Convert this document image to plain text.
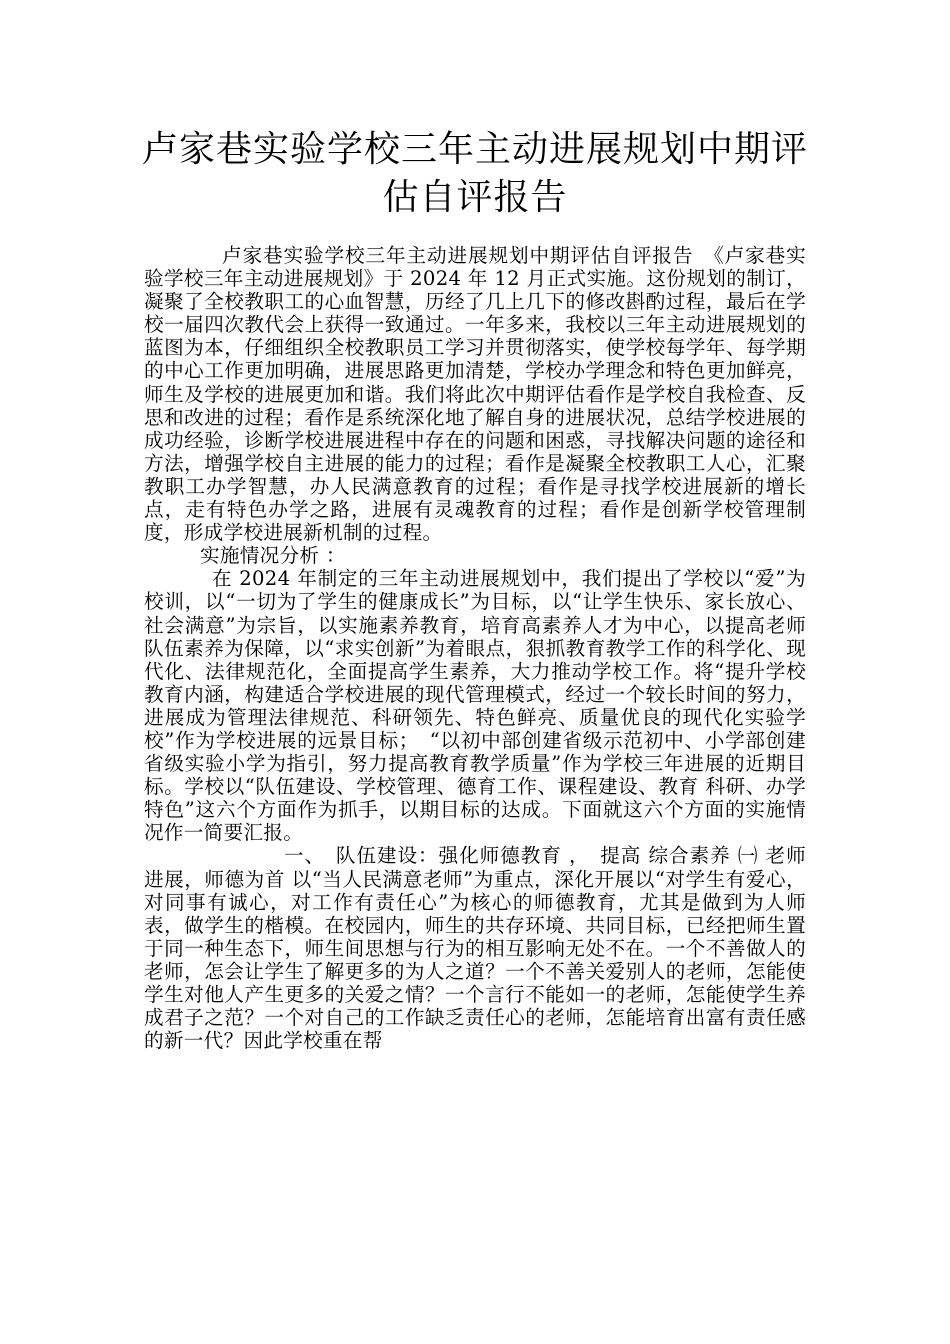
卢家巷实验学校三年主动进展规划中期评
估自评报告

卢家巷实验学校三年主动进展规划中期评估自评报告　《卢家巷实验学校三年主动进展规划》于 2024 年 12 月正式实施。这份规划的制订，凝聚了全校教职工的心血智慧，历经了几上几下的修改斟酌过程，最后在学校一届四次教代会上获得一致通过。一年多来，我校以三年主动进展规划的蓝图为本，仔细组织全校教职员工学习并贯彻落实，使学校每学年、每学期的中心工作更加明确，进展思路更加清楚，学校办学理念和特色更加鲜亮，师生及学校的进展更加和谐。我们将此次中期评估看作是学校自我检查、反思和改进的过程；看作是系统深化地了解自身的进展状况，总结学校进展的成功经验，诊断学校进展进程中存在的问题和困惑，寻找解决问题的途径和方法，增强学校自主进展的能力的过程；看作是凝聚全校教职工人心，汇聚教职工办学智慧，办人民满意教育的过程；看作是寻找学校进展新的增长点，走有特色办学之路，进展有灵魂教育的过程；看作是创新学校管理制度，形成学校进展新机制的过程。

实施情况分析 ：

在 2024 年制定的三年主动进展规划中，我们提出了学校以“爱”为校训，以“一切为了学生的健康成长”为目标，以“让学生快乐、家长放心、社会满意”为宗旨，以实施素养教育，培育高素养人才为中心，以提高老师队伍素养为保障，以“求实创新”为着眼点，狠抓教育教学工作的科学化、现代化、法律规范化，全面提高学生素养，大力推动学校工作。将“提升学校教育内涵，构建适合学校进展的现代管理模式，经过一个较长时间的努力，进展成为管理法律规范、科研领先、特色鲜亮、质量优良的现代化实验学校”作为学校进展的远景目标；　“以初中部创建省级示范初中、小学部创建省级实验小学为指引，努力提高教育教学质量”作为学校三年进展的近期目标。学校以“队伍建设、学校管理、德育工作、课程建设、教育 科研、办学特色”这六个方面作为抓手，以期目标的达成。下面就这六个方面的实施情况作一简要汇报。

一、　队伍建设：强化师德教育 ，　提高 综合素养 ㈠ 老师进展，师德为首 以“当人民满意老师”为重点，深化开展以“对学生有爱心，对同事有诚心，对工作有责任心”为核心的师德教育，尤其是做到为人师表，做学生的楷模。在校园内，师生的共存环境、共同目标，已经把师生置于同一种生态下，师生间思想与行为的相互影响无处不在。一个不善做人的老师，怎会让学生了解更多的为人之道？一个不善关爱别人的老师，怎能使学生对他人产生更多的关爱之情？一个言行不能如一的老师，怎能使学生养成君子之范？一个对自己的工作缺乏责任心的老师，怎能培育出富有责任感的新一代？因此学校重在帮
